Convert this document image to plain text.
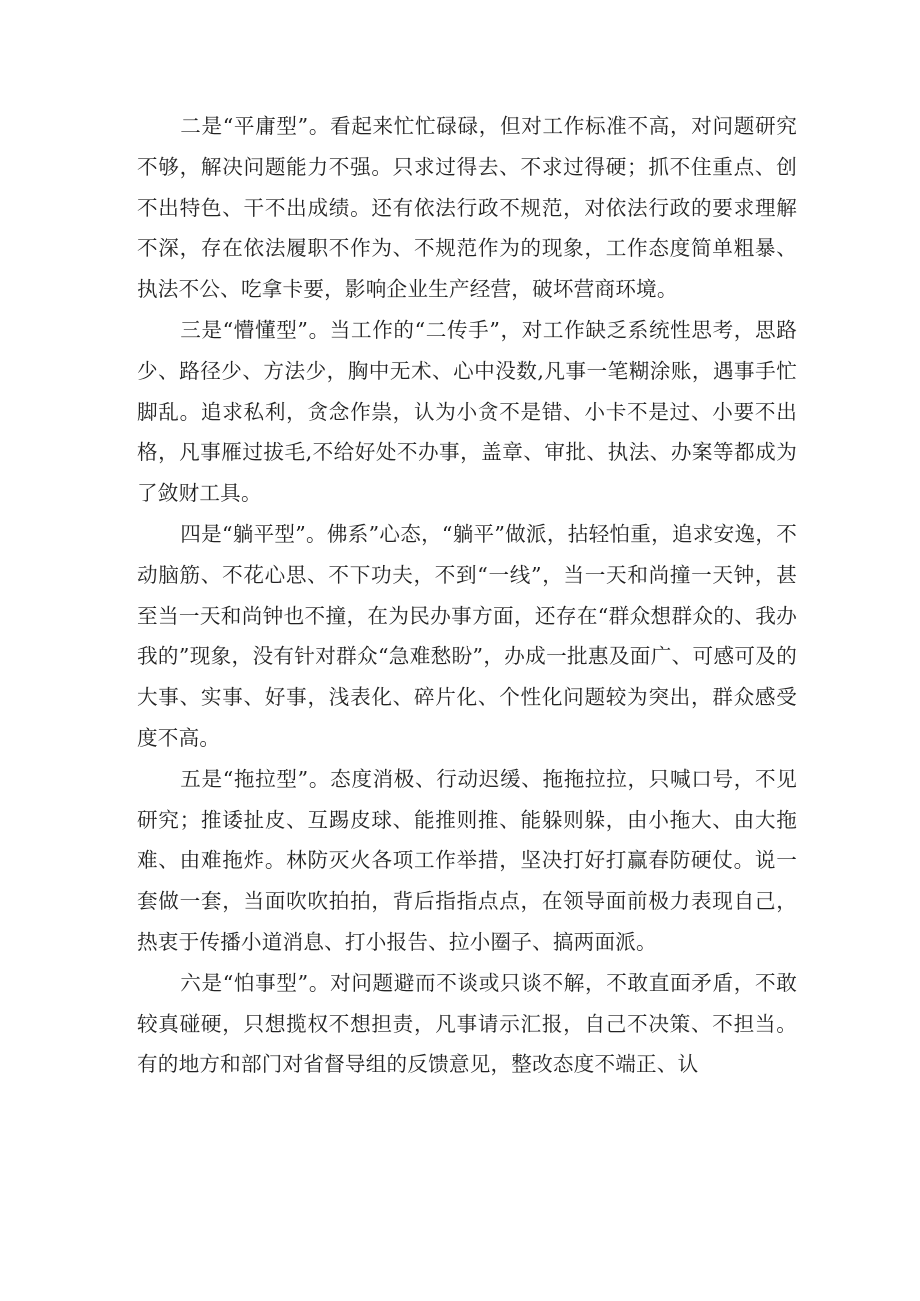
二是“平庸型”。看起来忙忙碌碌，但对工作标准不高，对问题研究不够，解决问题能力不强。只求过得去、不求过得硬；抓不住重点、创不出特色、干不出成绩。还有依法行政不规范，对依法行政的要求理解不深，存在依法履职不作为、不规范作为的现象，工作态度简单粗暴、执法不公、吃拿卡要，影响企业生产经营，破坏营商环境。

三是“懵懂型”。当工作的“二传手”，对工作缺乏系统性思考，思路少、路径少、方法少，胸中无术、心中没数,凡事一笔糊涂账，遇事手忙脚乱。追求私利，贪念作祟，认为小贪不是错、小卡不是过、小要不出格，凡事雁过拔毛,不给好处不办事，盖章、审批、执法、办案等都成为了敛财工具。

四是“躺平型”。佛系”心态，“躺平”做派，拈轻怕重，追求安逸，不动脑筋、不花心思、不下功夫，不到“一线”，当一天和尚撞一天钟，甚至当一天和尚钟也不撞，在为民办事方面，还存在“群众想群众的、我办我的”现象，没有针对群众“急难愁盼”，办成一批惠及面广、可感可及的大事、实事、好事，浅表化、碎片化、个性化问题较为突出，群众感受度不高。

五是“拖拉型”。态度消极、行动迟缓、拖拖拉拉，只喊口号，不见研究；推诿扯皮、互踢皮球、能推则推、能躲则躲，由小拖大、由大拖难、由难拖炸。林防灭火各项工作举措，坚决打好打赢春防硬仗。说一套做一套，当面吹吹拍拍，背后指指点点，在领导面前极力表现自己，热衷于传播小道消息、打小报告、拉小圈子、搞两面派。

六是“怕事型”。对问题避而不谈或只谈不解，不敢直面矛盾，不敢较真碰硬，只想揽权不想担责，凡事请示汇报，自己不决策、不担当。有的地方和部门对省督导组的反馈意见，整改态度不端正、认
